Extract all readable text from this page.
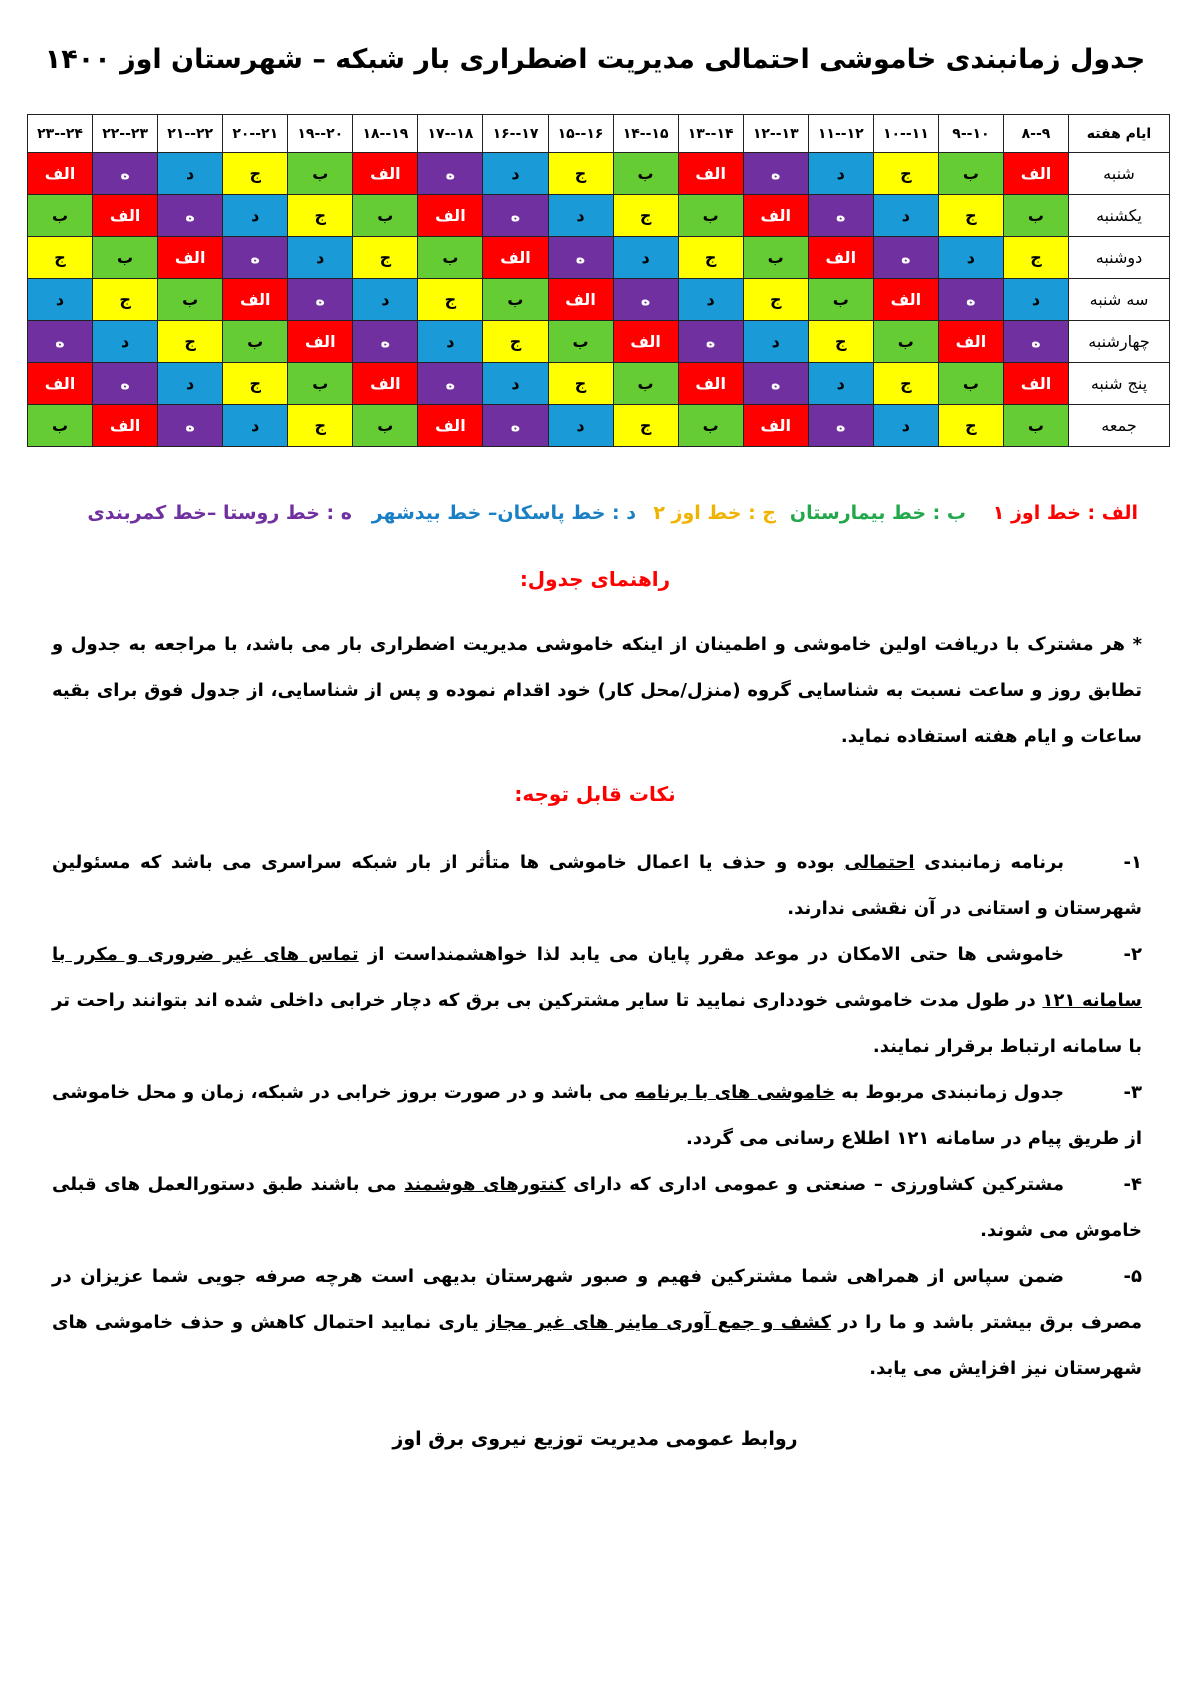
جدول زمانبندی خاموشی احتمالی مدیریت اضطراری بار شبکه – شهرستان اوز ۱۴۰۰
ایام هفته	۹--۸	۱۰--۹	۱۱--۱۰	۱۲--۱۱	۱۳--۱۲	۱۴--۱۳	۱۵--۱۴	۱۶--۱۵	۱۷--۱۶	۱۸--۱۷	۱۹--۱۸	۲۰--۱۹	۲۱--۲۰	۲۲--۲۱	۲۳--۲۲	۲۴--۲۳
شنبه	الف	ب	ج	د	ه	الف	ب	ج	د	ه	الف	ب	ج	د	ه	الف
یکشنبه	ب	ج	د	ه	الف	ب	ج	د	ه	الف	ب	ج	د	ه	الف	ب
دوشنبه	ج	د	ه	الف	ب	ج	د	ه	الف	ب	ج	د	ه	الف	ب	ج
سه شنبه	د	ه	الف	ب	ج	د	ه	الف	ب	ج	د	ه	الف	ب	ج	د
چهارشنبه	ه	الف	ب	ج	د	ه	الف	ب	ج	د	ه	الف	ب	ج	د	ه
پنج شنبه	الف	ب	ج	د	ه	الف	ب	ج	د	ه	الف	ب	ج	د	ه	الف
جمعه	ب	ج	د	ه	الف	ب	ج	د	ه	الف	ب	ج	د	ه	الف	ب
الف : خط اوز ۱
ب : خط بیمارستان
ج : خط اوز ۲
د : خط پاسکان– خط بیدشهر
ه : خط روستا –خط کمربندی
راهنمای جدول:
* هر مشترک با دریافت اولین خاموشی و اطمینان از اینکه خاموشی مدیریت اضطراری بار می باشد، با مراجعه به جدول و تطابق روز و ساعت نسبت به شناسایی گروه (منزل/محل کار) خود اقدام نموده و پس از شناسایی، از جدول فوق برای بقیه ساعات و ایام هفته استفاده نماید.
نکات قابل توجه:
۱-برنامه زمانبندی احتمالی بوده و حذف یا اعمال خاموشی ها متأثر از بار شبکه سراسری می باشد که مسئولین شهرستان و استانی در آن نقشی ندارند.
۲-خاموشی ها حتی الامکان در موعد مقرر پایان می یابد لذا خواهشمنداست از تماس های غیر ضروری و مکرر با سامانه ۱۲۱ در طول مدت خاموشی خودداری نمایید تا سایر مشترکین بی برق که دچار خرابی داخلی شده اند بتوانند راحت تر با سامانه ارتباط برقرار نمایند.
۳-جدول زمانبندی مربوط به خاموشی های با برنامه می باشد و در صورت بروز خرابی در شبکه، زمان و محل خاموشی از طریق پیام در سامانه ۱۲۱ اطلاع رسانی می گردد.
۴-مشترکین کشاورزی – صنعتی و عمومی اداری که دارای کنتورهای هوشمند می باشند طبق دستورالعمل های قبلی خاموش می شوند.
۵-ضمن سپاس از همراهی شما مشترکین فهیم و صبور شهرستان بدیهی است هرچه صرفه جویی شما عزیزان در مصرف برق بیشتر باشد و ما را در کشف و جمع آوری ماینر های غیر مجاز یاری نمایید احتمال کاهش و حذف خاموشی های شهرستان نیز افزایش می یابد.
روابط عمومی مدیریت توزیع نیروی برق اوز
